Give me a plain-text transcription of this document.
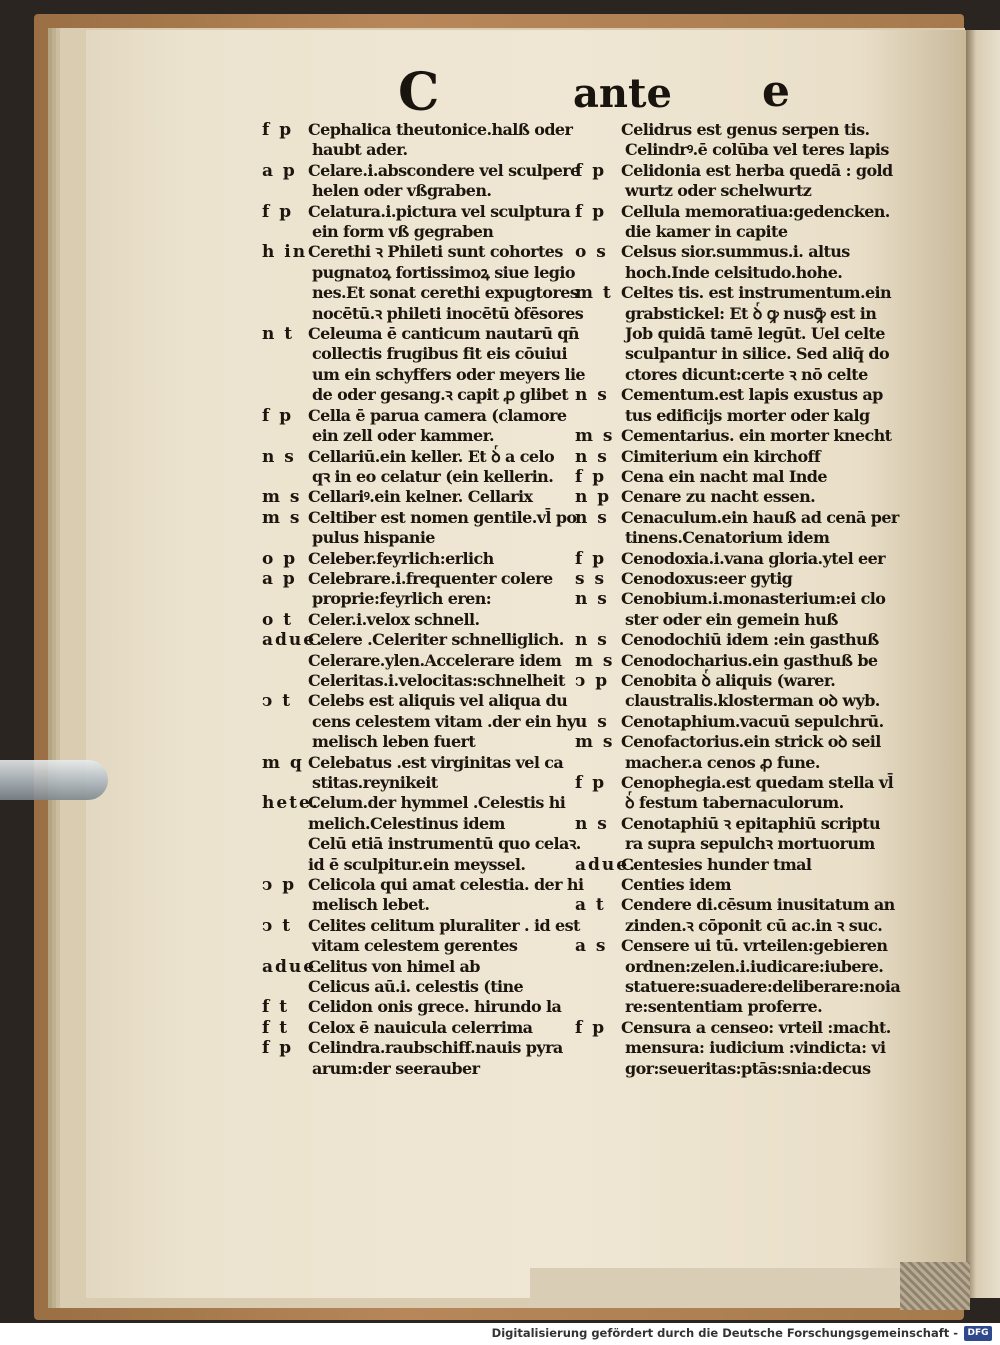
C	ante e
f p Cephalica theutonice.halß oder
haubt ader.
a p Celare.i.abscondere vel sculpere
helen oder vßgraben.
f p Celatura.i.pictura vel sculptura
ein form vß gegraben
h in Cerethi ꝛ Phileti sunt cohortes
pugnatoꝝ fortissimoꝝ siue legio
nes.Et sonat cerethi expugtores
nocētū.ꝛ phileti inocētū ꝺfēsores
n t Celeuma ē canticum nautarū qn̄
collectis frugibus fit eis cōuiui
um ein schyffers oder meyers lie
de oder gesang.ꝛ capit ꝓ glibet
f p Cella ē parua camera (clamore
ein zell oder kammer.
n s Cellariū.ein keller. Et ꝺͬ a celo
qꝛ in eo celatur (ein kellerin.
m s Cellariꝰ.ein kelner. Cellarix
m s Celtiber est nomen gentile.vl̄ po
pulus hispanie
o p Celeber.feyrlich:erlich
a p Celebrare.i.frequenter colere
proprie:feyrlich eren:
o t Celer.i.velox schnell.
adue.
Celere .Celeriter schnelliglich.
Celerare.ylen.Accelerare idem
Celeritas.i.velocitas:schnelheit
ↄ t Celebs est aliquis vel aliqua du
cens celestem vitam .der ein hy
melisch leben fuert
m q Celebatus .est virginitas vel ca
stitas.reynikeit
hete.
Celum.der hymmel .Celestis hi
melich.Celestinus idem
Celū etiā instrumentū quo celaꝛ.
id ē sculpitur.ein meyssel.
ↄ p Celicola qui amat celestia. der hi
melisch lebet.
ↄ t Celites celitum pluraliter . id est
vitam celestem gerentes
adue.
Celitus von himel ab
Celicus aū.i. celestis (tine
f t	Celidon onis grece. hirundo la
f t	Celox ē nauicula celerrima
f p Celindra.raubschiff.nauis pyra
arum:der seerauber
Celidrus est genus serpen tis.
Celindrꝰ.ē colūba vel teres lapis
f p Celidonia est herba quedā : gold
wurtz oder schelwurtz
f p Cellula memoratiua:gedencken.
die kamer in capite
o s Celsus sior.summus.i. altus
hoch.Inde celsitudo.hohe.
m t Celtes tis. est instrumentum.ein
grabstickel: Et ꝺͬ ꝙ nusꝙ̄ est in
Job quidā tamē legūt. Uel celte
sculpantur in silice. Sed aliq̄ do
ctores dicunt:certe ꝛ nō celte
n s Cementum.est lapis exustus ap
tus edificijs morter oder kalg
m s Cementarius. ein morter knecht
n s Cimiterium ein kirchoff
f p Cena ein nacht mal Inde
n p Cenare zu nacht essen.
n s Cenaculum.ein hauß ad cenā per
tinens.Cenatorium idem
f p Cenodoxia.i.vana gloria.ytel eer
s s Cenodoxus:eer gytig
n s Cenobium.i.monasterium:ei clo
ster oder ein gemein huß
n s Cenodochiū idem :ein gasthuß
m s Cenodocharius.ein gasthuß be
ↄ p Cenobita ꝺͬ aliquis (warer.
claustralis.klosterman oꝺ wyb.
u s Cenotaphium.vacuū sepulchrū.
m s Cenofactorius.ein strick oꝺ seil
macher.a cenos ꝓ fune.
f p Cenophegia.est quedam stella vl̄
ꝺͬ festum tabernaculorum.
n s Cenotaphiū ꝛ epitaphiū scriptu
ra supra sepulchꝛ mortuorum
adue.
Centesies hunder tmal
Centies idem
a t Cendere di.cēsum inusitatum an
zinden.ꝛ cōponit cū ac.in ꝛ suc.
a s Censere ui tū. vrteilen:gebieren
ordnen:zelen.i.iudicare:iubere.
statuere:suadere:deliberare:noia
re:sententiam proferre.
f p Censura a censeo: vrteil :macht.
mensura: iudicium :vindicta: vi
gor:seueritas:ptās:snia:decus
Digitalisierung gefördert durch die Deutsche Forschungsgemeinschaft -	DFG
